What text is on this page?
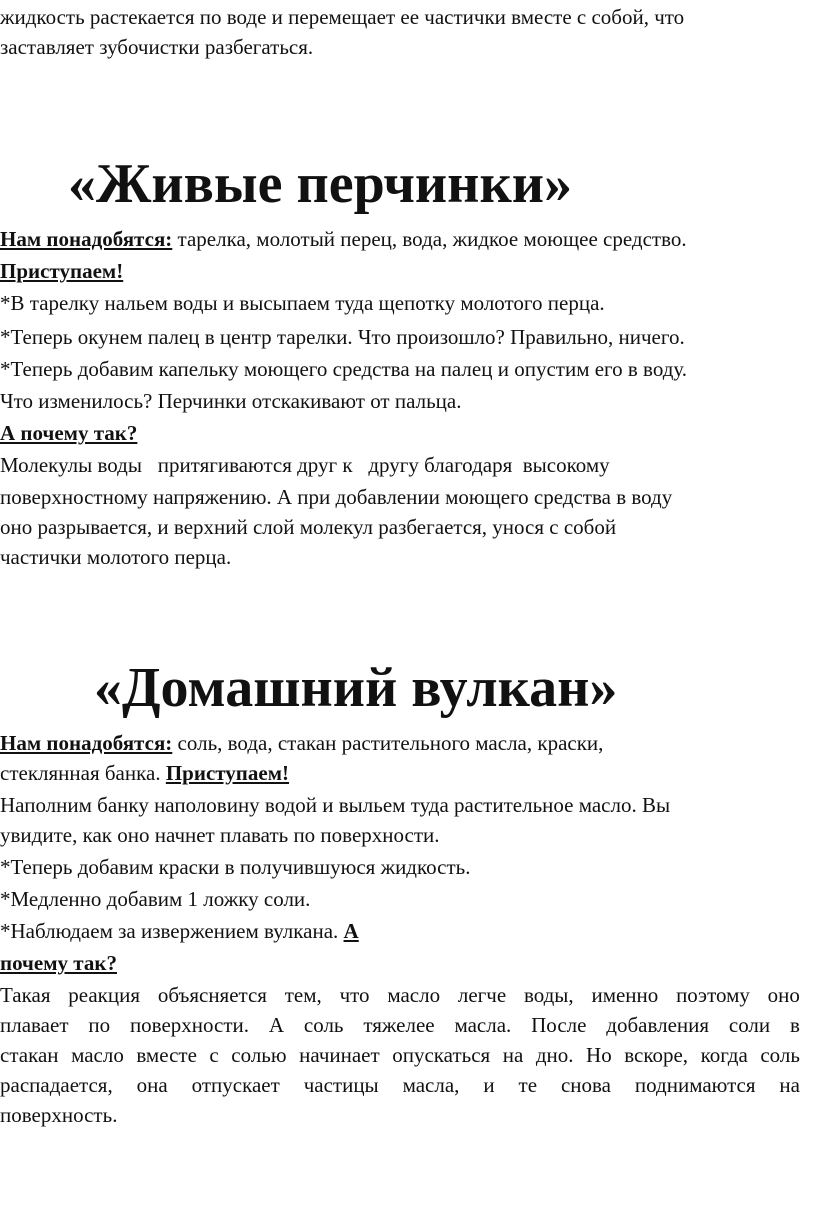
жидкость растекается по воде и перемещает ее частички вместе с собой, что

заставляет зубочистки разбегаться.

«Живые перчинки»

Нам понадобятся: тарелка, молотый перец, вода, жидкое моющее средство.

Приступаем!

*В тарелку нальем воды и высыпаем туда щепотку молотого перца.

*Теперь окунем палец в центр тарелки. Что произошло? Правильно, ничего.

*Теперь добавим капельку моющего средства на палец и опустим его в воду.

Что изменилось? Перчинки отскакивают от пальца.

А почему так?

Молекулы воды   притягиваются друг к   другу благодаря  высокому

поверхностному напряжению. А при добавлении моющего средства в воду

оно разрывается, и верхний слой молекул разбегается, унося с собой

частички молотого перца.

«Домашний вулкан»

Нам понадобятся: соль, вода, стакан растительного масла, краски,

стеклянная банка. Приступаем!

Наполним банку наполовину водой и выльем туда растительное масло. Вы

увидите, как оно начнет плавать по поверхности.

*Теперь добавим краски в получившуюся жидкость.

*Медленно добавим 1 ложку соли.

*Наблюдаем за извержением вулкана. А

почему так?

Такая реакция объясняется тем, что масло легче воды, именно поэтому оно

плавает по поверхности. А соль тяжелее масла. После добавления соли в

стакан масло вместе с солью начинает опускаться на дно. Но вскоре, когда соль

распадается, она отпускает частицы масла, и те снова поднимаются на

поверхность.
